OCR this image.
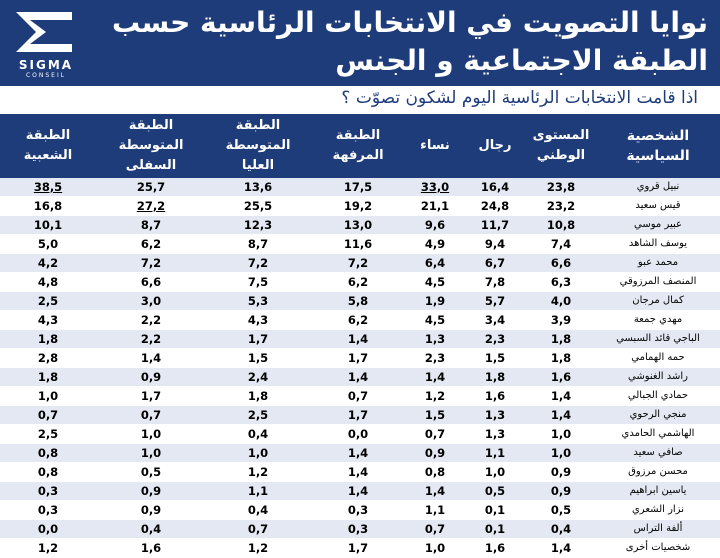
SIGMA
CONSEIL
نوايا التصويت في الانتخابات الرئاسية حسب الطبقة الاجتماعية و الجنس
اذا قامت الانتخابات الرئاسية اليوم لشكون تصوّت ؟
الشخصية السياسية	المستوى الوطني	رجال	نساء	الطبقة المرفهة	الطبقة المتوسطة العليا	الطبقة المتوسطة السفلى	الطبقة الشعبية
نبيل قروي	23,8	16,4	33,0	17,5	13,6	25,7	38,5
قيس سعيد	23,2	24,8	21,1	19,2	25,5	27,2	16,8
عبير موسي	10,8	11,7	9,6	13,0	12,3	8,7	10,1
يوسف الشاهد	7,4	9,4	4,9	11,6	8,7	6,2	5,0
محمد عبو	6,6	6,7	6,4	7,2	7,2	7,2	4,2
المنصف المرزوقي	6,3	7,8	4,5	6,2	7,5	6,6	4,8
كمال مرجان	4,0	5,7	1,9	5,8	5,3	3,0	2,5
مهدي جمعة	3,9	3,4	4,5	6,2	4,3	2,2	4,3
الباجي قائد السبسي	1,8	2,3	1,3	1,4	1,7	2,2	1,8
حمه الهمامي	1,8	1,5	2,3	1,7	1,5	1,4	2,8
راشد الغنوشي	1,6	1,8	1,4	1,4	2,4	0,9	1,8
حمادي الجبالي	1,4	1,6	1,2	0,7	1,8	1,7	1,0
منجي الرحوي	1,4	1,3	1,5	1,7	2,5	0,7	0,7
الهاشمي الحامدي	1,0	1,3	0,7	0,0	0,4	1,0	2,5
صافي سعيد	1,0	1,1	0,9	1,4	1,0	1,0	0,8
محسن مرزوق	0,9	1,0	0,8	1,4	1,2	0,5	0,8
ياسين ابراهيم	0,9	0,5	1,4	1,4	1,1	0,9	0,3
نزار الشعري	0,5	0,1	1,1	0,3	0,4	0,9	0,3
ألفة التراس	0,4	0,1	0,7	0,3	0,7	0,4	0,0
شخصيات أخرى	1,4	1,6	1,0	1,7	1,2	1,6	1,2
